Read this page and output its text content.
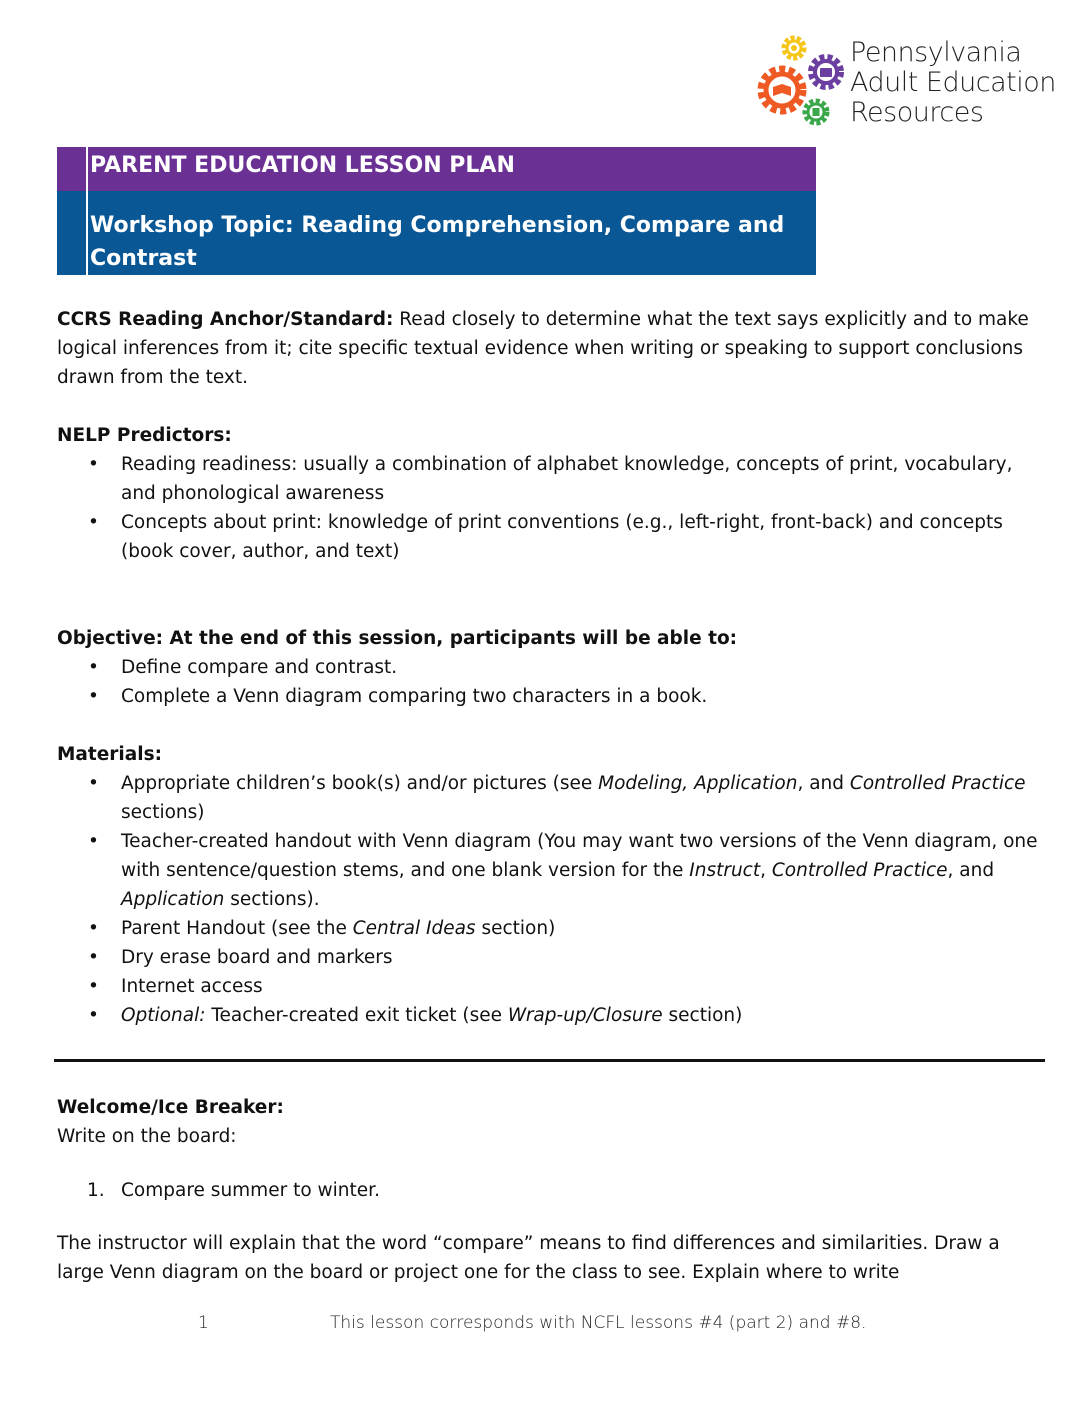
Pennsylvania
Adult Education
Resources
PARENT EDUCATION LESSON PLAN
Workshop Topic: Reading Comprehension, Compare and Contrast

CCRS Reading Anchor/Standard: Read closely to determine what the text says explicitly and to make logical inferences from it; cite specific textual evidence when writing or speaking to support conclusions drawn from the text.

NELP Predictors:

• Reading readiness: usually a combination of alphabet knowledge, concepts of print, vocabulary, and phonological awareness
• Concepts about print: knowledge of print conventions (e.g., left-right, front-back) and concepts (book cover, author, and text)

Objective: At the end of this session, participants will be able to:

• Define compare and contrast.
• Complete a Venn diagram comparing two characters in a book.

Materials:

• Appropriate children’s book(s) and/or pictures (see Modeling, Application, and Controlled Practice sections)
• Teacher-created handout with Venn diagram (You may want two versions of the Venn diagram, one with sentence/question stems, and one blank version for the Instruct, Controlled Practice, and Application sections).
• Parent Handout (see the Central Ideas section)
• Dry erase board and markers
• Internet access
• Optional: Teacher-created exit ticket (see Wrap-up/Closure section)

Welcome/Ice Breaker:

Write on the board:

1. Compare summer to winter.

The instructor will explain that the word “compare” means to find differences and similarities. Draw a large Venn diagram on the board or project one for the class to see. Explain where to write

1	This lesson corresponds with NCFL lessons #4 (part 2) and #8.
